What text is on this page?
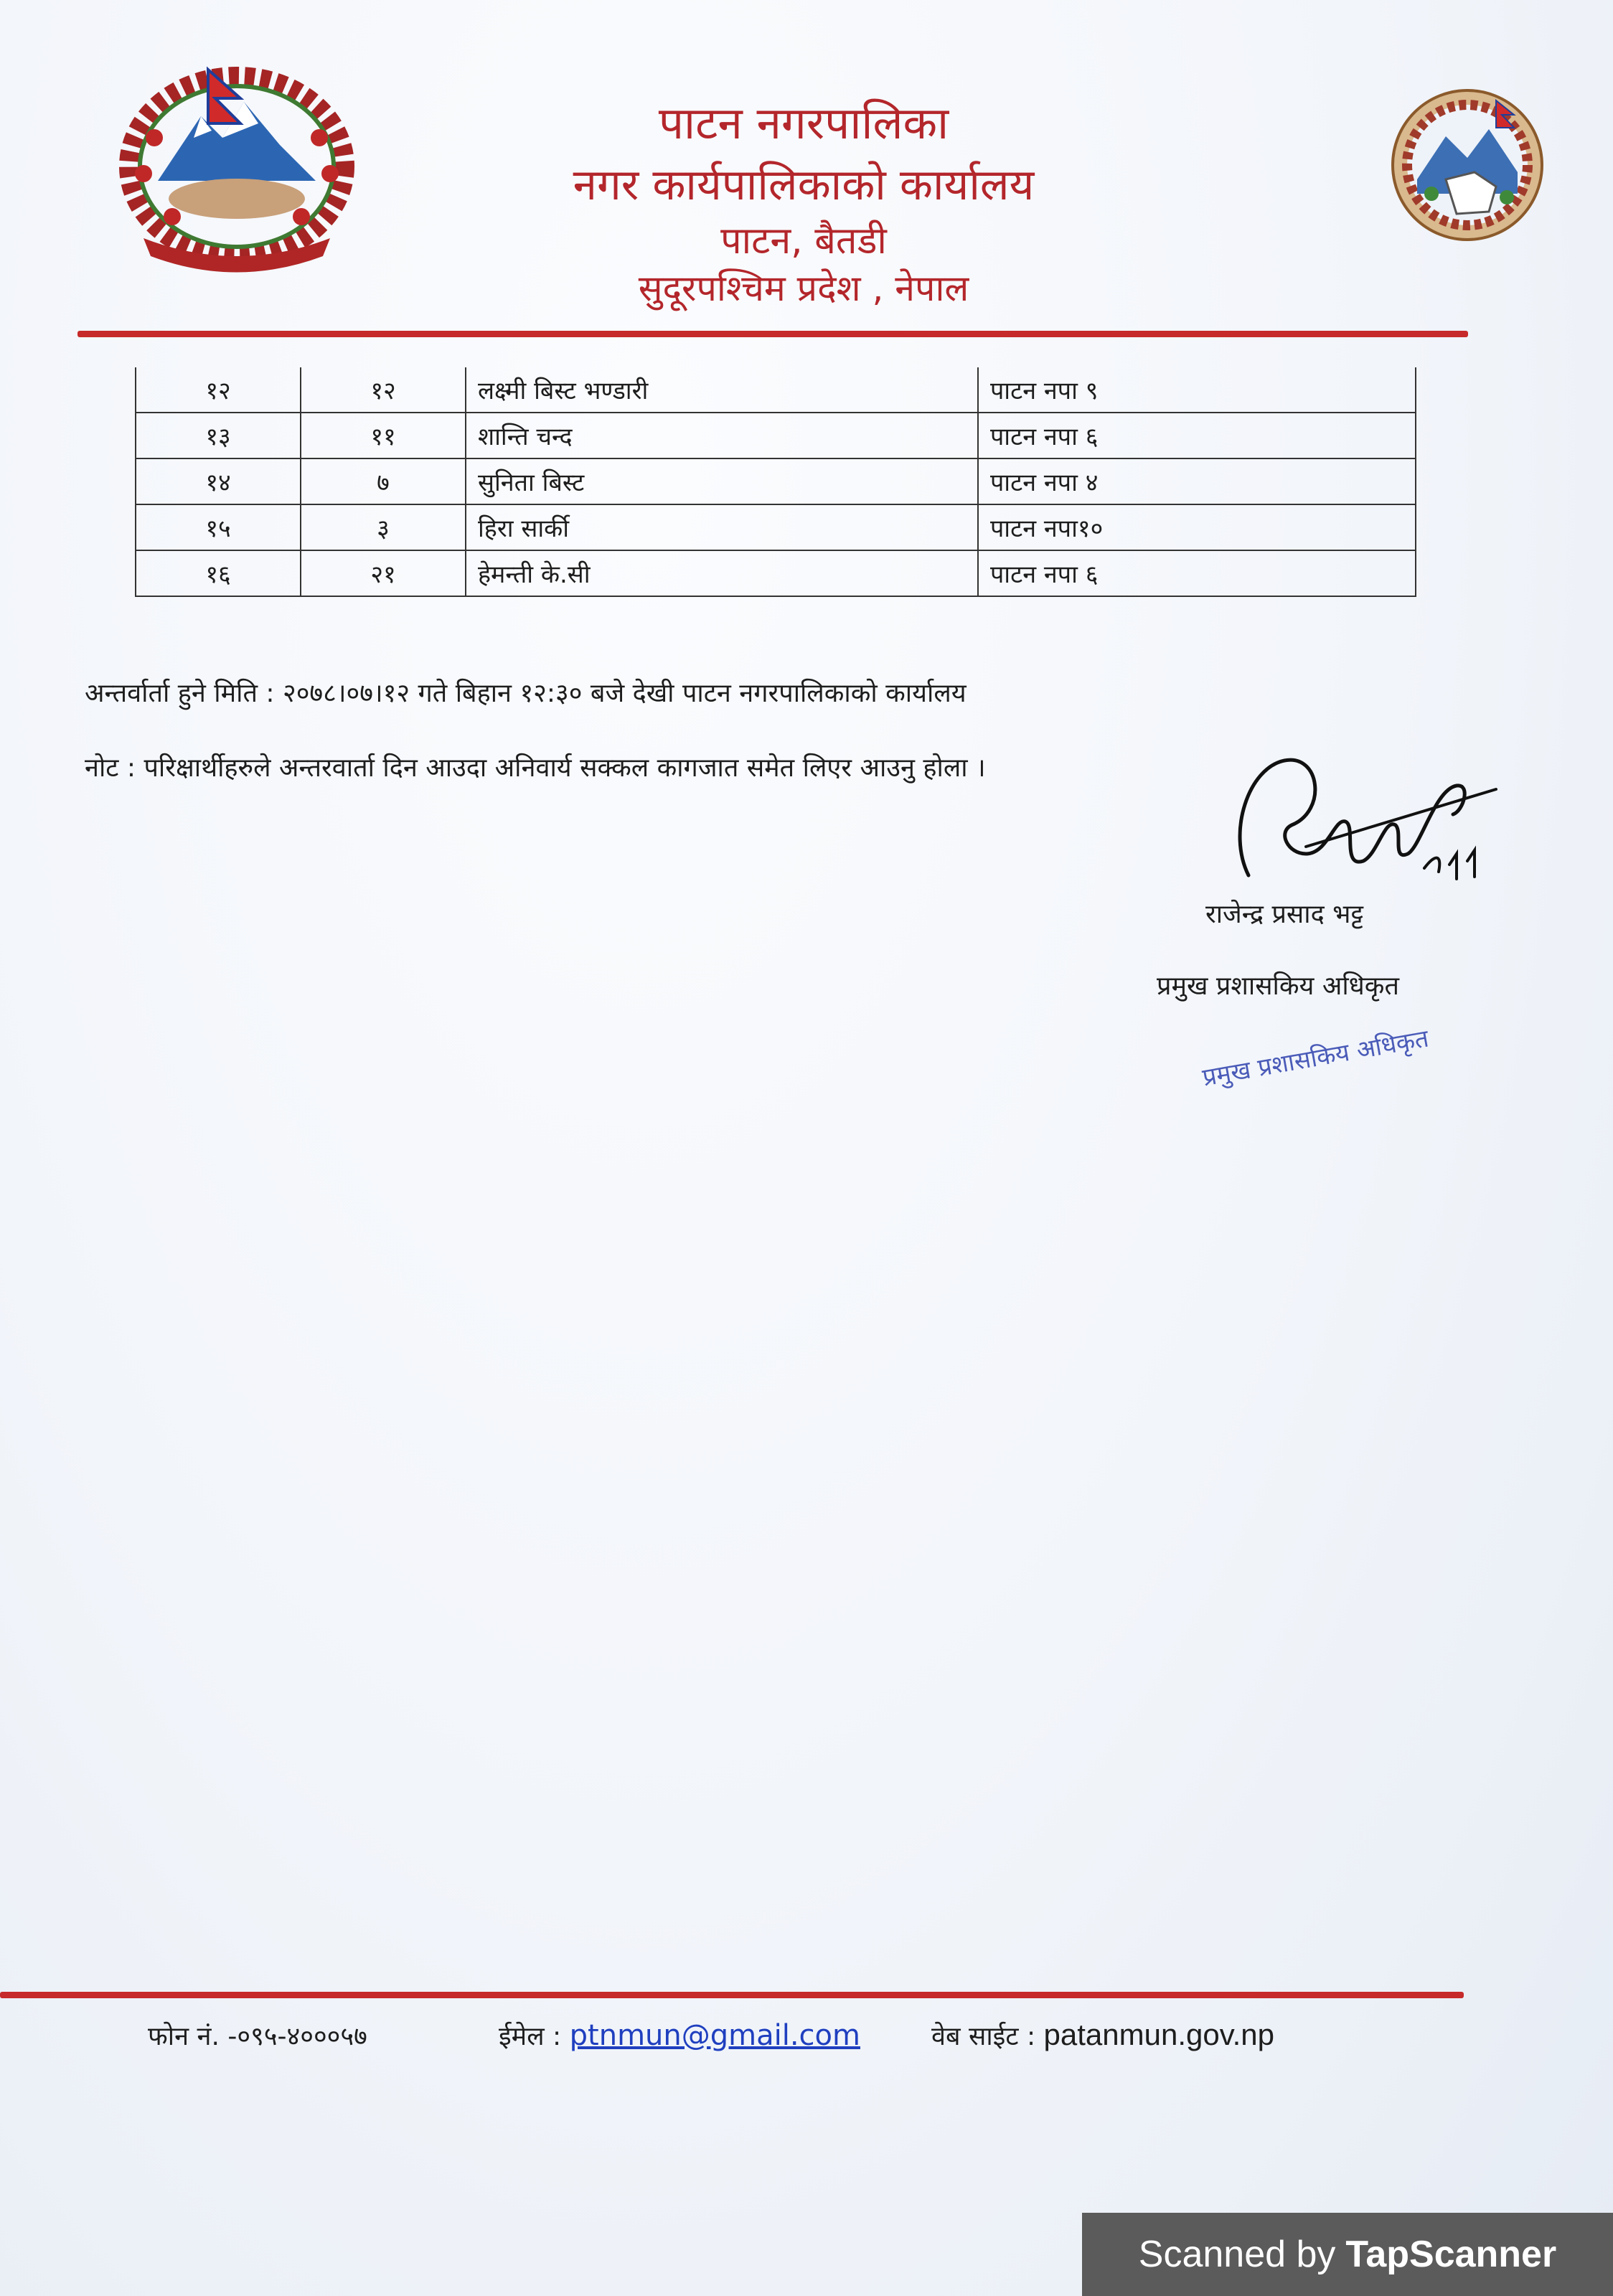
पाटन नगरपालिका
नगर कार्यपालिकाको कार्यालय
पाटन, बैतडी
सुदूरपश्चिम प्रदेश , नेपाल
१२	१२	लक्ष्मी बिस्ट भण्डारी	पाटन नपा ९
१३	११	शान्ति चन्द	पाटन नपा ६
१४	७	सुनिता बिस्ट	पाटन नपा ४
१५	३	हिरा सार्की	पाटन नपा१०
१६	२१	हेमन्ती के.सी	पाटन नपा ६
अन्तर्वार्ता हुने मिति : २०७८।०७।१२ गते बिहान १२:३० बजे देखी पाटन नगरपालिकाको कार्यालय
नोट : परिक्षार्थीहरुले अन्तरवार्ता दिन आउदा अनिवार्य सक्कल कागजात समेत लिएर आउनु होला ।
राजेन्द्र प्रसाद भट्ट
प्रमुख प्रशासकिय अधिकृत
प्रमुख प्रशासकिय अधिकृत
फोन नं. -०९५-४०००५७	ईमेल : ptnmun@gmail.com	वेब साईट : patanmun.gov.np
Scanned by TapScanner
